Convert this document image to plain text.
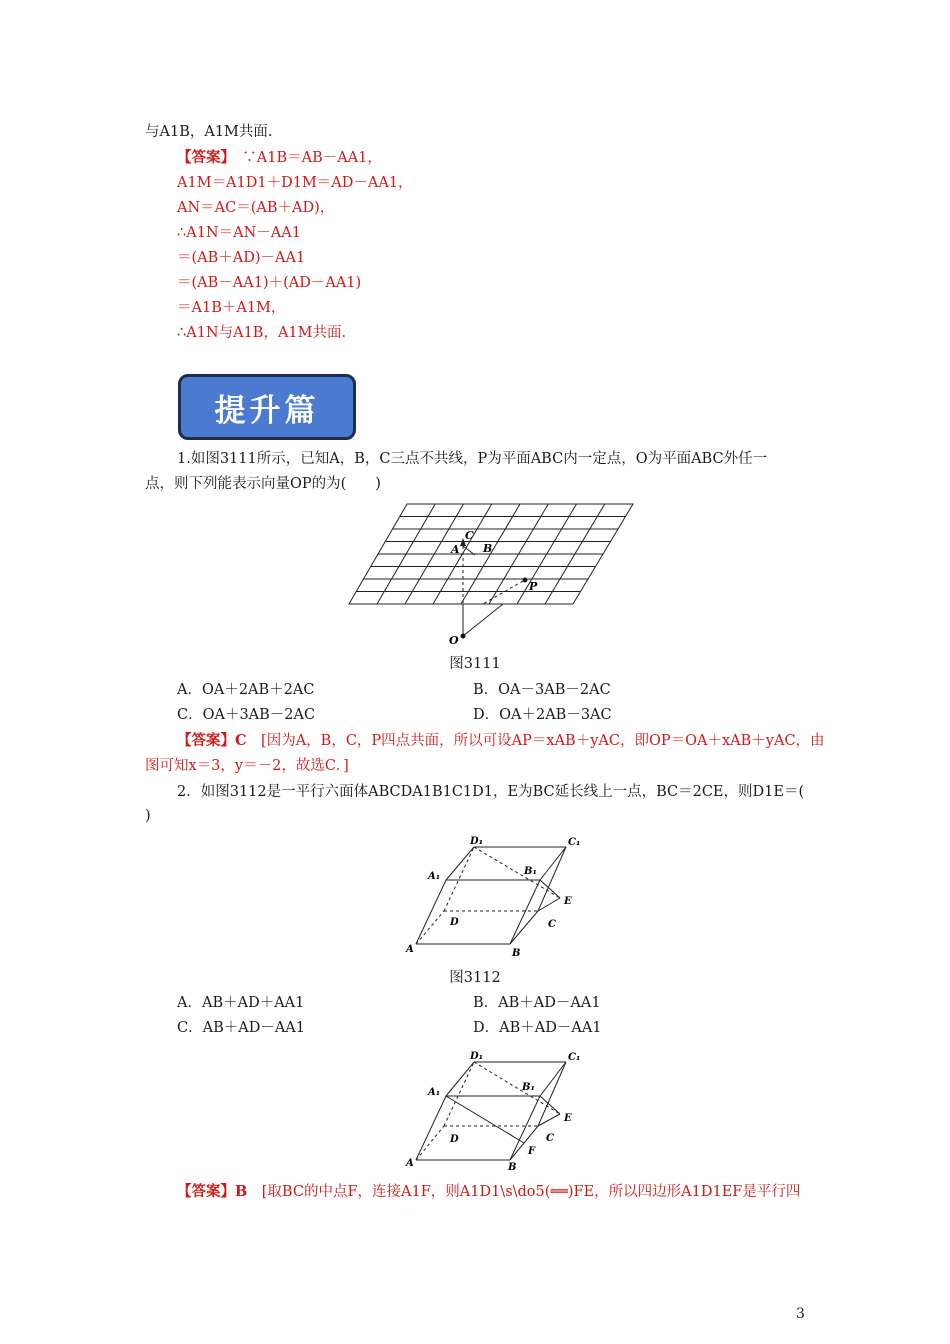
与A1B，A1M共面.
【答案】　 ∵A1B＝AB－AA1，
A1M＝A1D1＋D1M＝AD－AA1，
AN＝AC＝(AB＋AD)，
∴A1N＝AN－AA1
＝(AB＋AD)－AA1
＝(AB－AA1)＋(AD－AA1)
＝A1B＋A1M，
∴A1N与A1B，A1M共面.
提升篇
1.如图3111所示，已知A，B，C三点不共线，P为平面ABC内一定点，O为平面ABC外任一
点，则下列能表示向量OP的为(　　)
C
A B
P
O
图3111
A．OA＋2AB＋2AC	B．OA－3AB－2AC
C．OA＋3AB－2AC	D．OA＋2AB－3AC
【答案】C　[因为A，B，C，P四点共面，所以可设AP＝xAB＋yAC，即OP＝OA＋xAB＋yAC，由
图可知x＝3，y＝－2，故选C．]
2．如图3112是一平行六面体ABCDA1B1C1D1，E为BC延长线上一点，BC＝2CE，则D1E＝(
)
D₁	C₁
A₁	B₁
E
D	C
A	B
图3112
A．AB＋AD＋AA1	B．AB＋AD－AA1
C．AB＋AD－AA1	D．AB＋AD－AA1
D₁	C₁
A₁	B₁
E
D	C
F
A	B
【答案】B　[取BC的中点F，连接A1F，则A1D1\s\do5(══)FE，所以四边形A1D1EF是平行四
3
